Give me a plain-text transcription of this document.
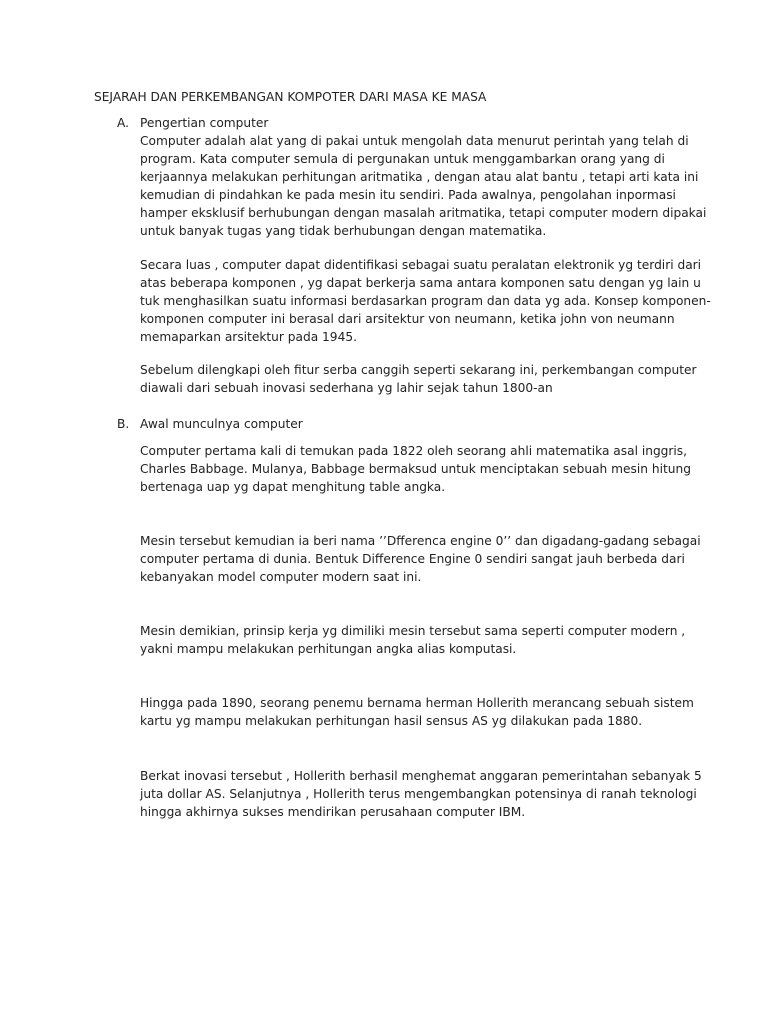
SEJARAH DAN PERKEMBANGAN KOMPOTER DARI MASA KE MASA
A. Pengertian computer
Computer adalah alat yang di pakai untuk mengolah data menurut perintah yang telah di
program. Kata computer semula di pergunakan untuk menggambarkan orang yang di
kerjaannya melakukan perhitungan aritmatika , dengan atau alat bantu , tetapi arti kata ini
kemudian di pindahkan ke pada mesin itu sendiri. Pada awalnya, pengolahan inpormasi
hamper eksklusif berhubungan dengan masalah aritmatika, tetapi computer modern dipakai
untuk banyak tugas yang tidak berhubungan dengan matematika.
Secara luas , computer dapat didentifikasi sebagai suatu peralatan elektronik yg terdiri dari
atas beberapa komponen , yg dapat berkerja sama antara komponen satu dengan yg lain u
tuk menghasilkan suatu informasi berdasarkan program dan data yg ada. Konsep komponen-
komponen computer ini berasal dari arsitektur von neumann, ketika john von neumann
memaparkan arsitektur pada 1945.
Sebelum dilengkapi oleh fitur serba canggih seperti sekarang ini, perkembangan computer
diawali dari sebuah inovasi sederhana yg lahir sejak tahun 1800-an
B. Awal munculnya computer
Computer pertama kali di temukan pada 1822 oleh seorang ahli matematika asal inggris,
Charles Babbage. Mulanya, Babbage bermaksud untuk menciptakan sebuah mesin hitung
bertenaga uap yg dapat menghitung table angka.
Mesin tersebut kemudian ia beri nama ’’Dfferenca engine 0’’ dan digadang-gadang sebagai
computer pertama di dunia. Bentuk Difference Engine 0 sendiri sangat jauh berbeda dari
kebanyakan model computer modern saat ini.
Mesin demikian, prinsip kerja yg dimiliki mesin tersebut sama seperti computer modern ,
yakni mampu melakukan perhitungan angka alias komputasi.
Hingga pada 1890, seorang penemu bernama herman Hollerith merancang sebuah sistem
kartu yg mampu melakukan perhitungan hasil sensus AS yg dilakukan pada 1880.
Berkat inovasi tersebut , Hollerith berhasil menghemat anggaran pemerintahan sebanyak 5
juta dollar AS. Selanjutnya , Hollerith terus mengembangkan potensinya di ranah teknologi
hingga akhirnya sukses mendirikan perusahaan computer IBM.
